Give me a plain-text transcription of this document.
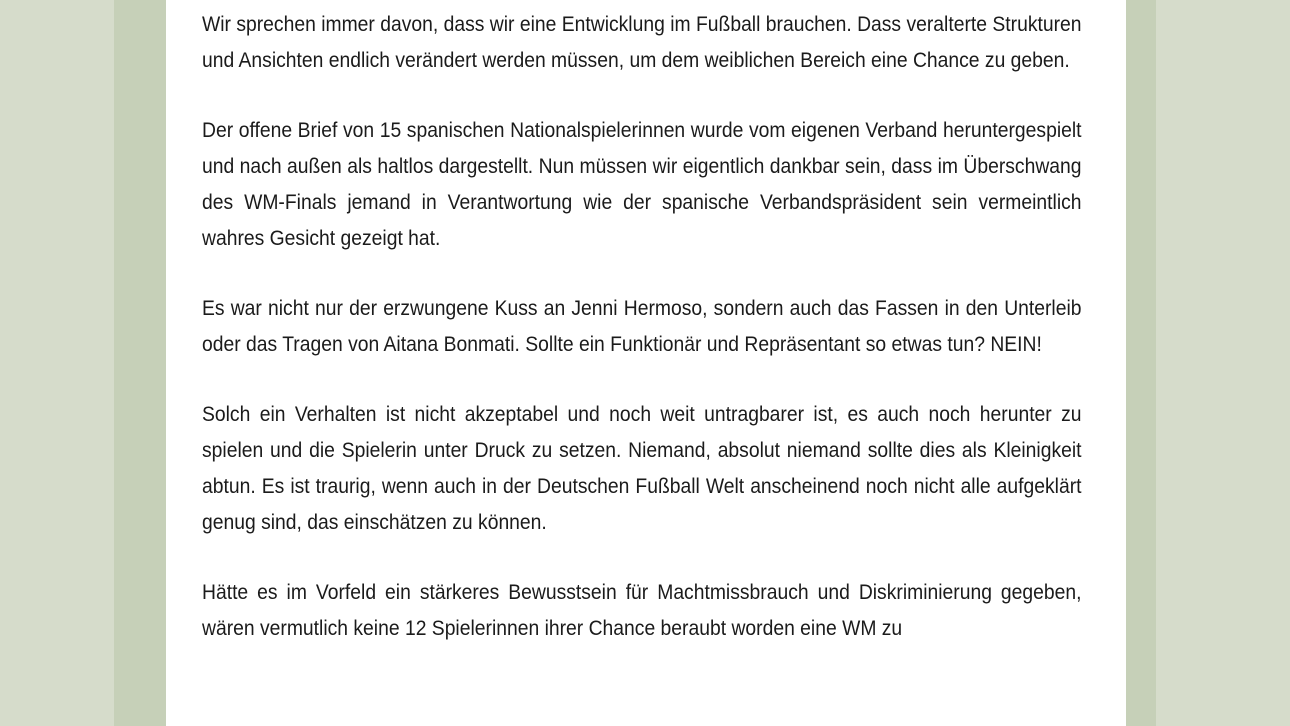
Wir sprechen immer davon, dass wir eine Entwicklung im Fußball brauchen. Dass veralterte Strukturen und Ansichten endlich verändert werden müssen, um dem weiblichen Bereich eine Chance zu geben.

Der offene Brief von 15 spanischen Nationalspielerinnen wurde vom eigenen Verband heruntergespielt und nach außen als haltlos dargestellt. Nun müssen wir eigentlich dankbar sein, dass im Überschwang des WM-Finals jemand in Verantwortung wie der spanische Verbandspräsident sein vermeintlich wahres Gesicht gezeigt hat.

Es war nicht nur der erzwungene Kuss an Jenni Hermoso, sondern auch das Fassen in den Unterleib oder das Tragen von Aitana Bonmati. Sollte ein Funktionär und Repräsentant so etwas tun? NEIN!

Solch ein Verhalten ist nicht akzeptabel und noch weit untragbarer ist, es auch noch herunter zu spielen und die Spielerin unter Druck zu setzen. Niemand, absolut niemand sollte dies als Kleinigkeit abtun. Es ist traurig, wenn auch in der Deutschen Fußball Welt anscheinend noch nicht alle aufgeklärt genug sind, das einschätzen zu können.

Hätte es im Vorfeld ein stärkeres Bewusstsein für Machtmissbrauch und Diskriminierung gegeben, wären vermutlich keine 12 Spielerinnen ihrer Chance beraubt worden eine WM zu
